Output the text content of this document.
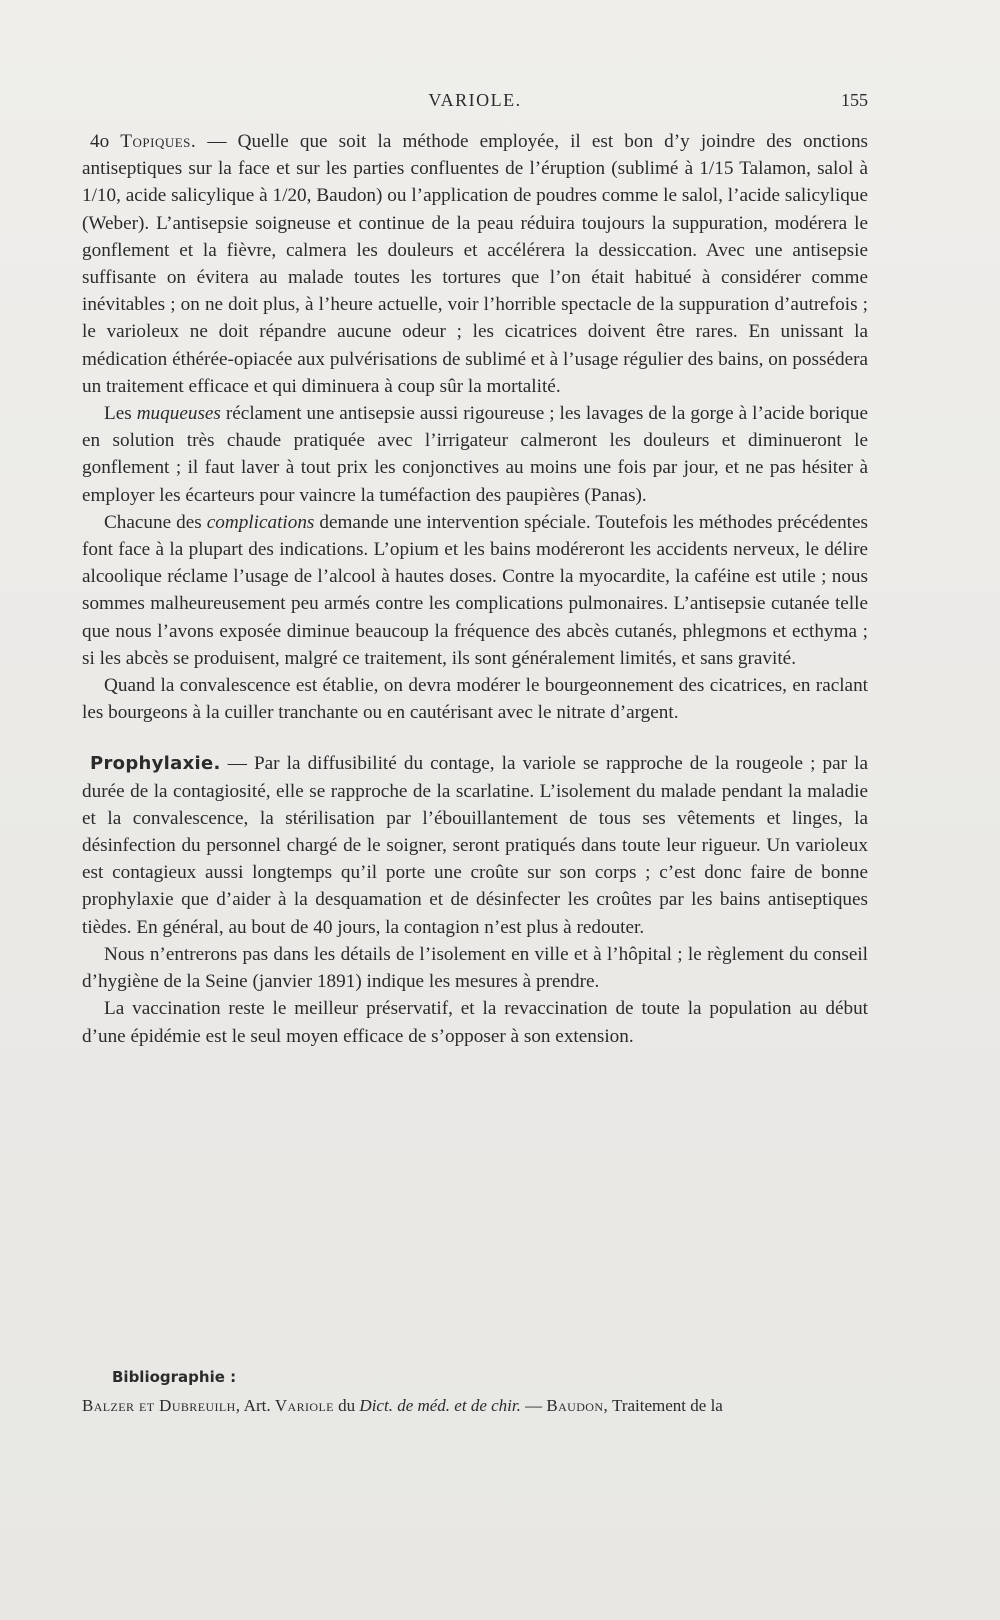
VARIOLE.	155

4o Topiques. — Quelle que soit la méthode employée, il est bon d’y joindre des onctions antiseptiques sur la face et sur les parties confluentes de l’éruption (sublimé à 1/15 Talamon, salol à 1/10, acide salicylique à 1/20, Baudon) ou l’application de poudres comme le salol, l’acide salicylique (Weber). L’antisepsie soigneuse et continue de la peau réduira toujours la suppuration, modérera le gonflement et la fièvre, calmera les douleurs et accélérera la dessiccation. Avec une antisepsie suffisante on évitera au malade toutes les tortures que l’on était habitué à considérer comme inévitables ; on ne doit plus, à l’heure actuelle, voir l’horrible spectacle de la suppuration d’autrefois ; le varioleux ne doit répandre aucune odeur ; les cicatrices doivent être rares. En unissant la médication éthérée-opiacée aux pulvérisations de sublimé et à l’usage régulier des bains, on possédera un traitement efficace et qui diminuera à coup sûr la mortalité.

Les muqueuses réclament une antisepsie aussi rigoureuse ; les lavages de la gorge à l’acide borique en solution très chaude pratiquée avec l’irrigateur calmeront les douleurs et diminueront le gonflement ; il faut laver à tout prix les conjonctives au moins une fois par jour, et ne pas hésiter à employer les écarteurs pour vaincre la tuméfaction des paupières (Panas).

Chacune des complications demande une intervention spéciale. Toutefois les méthodes précédentes font face à la plupart des indications. L’opium et les bains modéreront les accidents nerveux, le délire alcoolique réclame l’usage de l’alcool à hautes doses. Contre la myocardite, la caféine est utile ; nous sommes malheureusement peu armés contre les complications pulmonaires. L’antisepsie cutanée telle que nous l’avons exposée diminue beaucoup la fréquence des abcès cutanés, phlegmons et ecthyma ; si les abcès se produisent, malgré ce traitement, ils sont généralement limités, et sans gravité.

Quand la convalescence est établie, on devra modérer le bourgeonnement des cicatrices, en raclant les bourgeons à la cuiller tranchante ou en cautérisant avec le nitrate d’argent.

Prophylaxie. — Par la diffusibilité du contage, la variole se rapproche de la rougeole ; par la durée de la contagiosité, elle se rapproche de la scarlatine. L’isolement du malade pendant la maladie et la convalescence, la stérilisation par l’ébouillantement de tous ses vêtements et linges, la désinfection du personnel chargé de le soigner, seront pratiqués dans toute leur rigueur. Un varioleux est contagieux aussi longtemps qu’il porte une croûte sur son corps ; c’est donc faire de bonne prophylaxie que d’aider à la desquamation et de désinfecter les croûtes par les bains antiseptiques tièdes. En général, au bout de 40 jours, la contagion n’est plus à redouter.

Nous n’entrerons pas dans les détails de l’isolement en ville et à l’hôpital ; le règlement du conseil d’hygiène de la Seine (janvier 1891) indique les mesures à prendre.

La vaccination reste le meilleur préservatif, et la revaccination de toute la population au début d’une épidémie est le seul moyen efficace de s’opposer à son extension.

Bibliographie :
Balzer et Dubreuilh, Art. Variole du Dict. de méd. et de chir. — Baudon, Traitement de la
